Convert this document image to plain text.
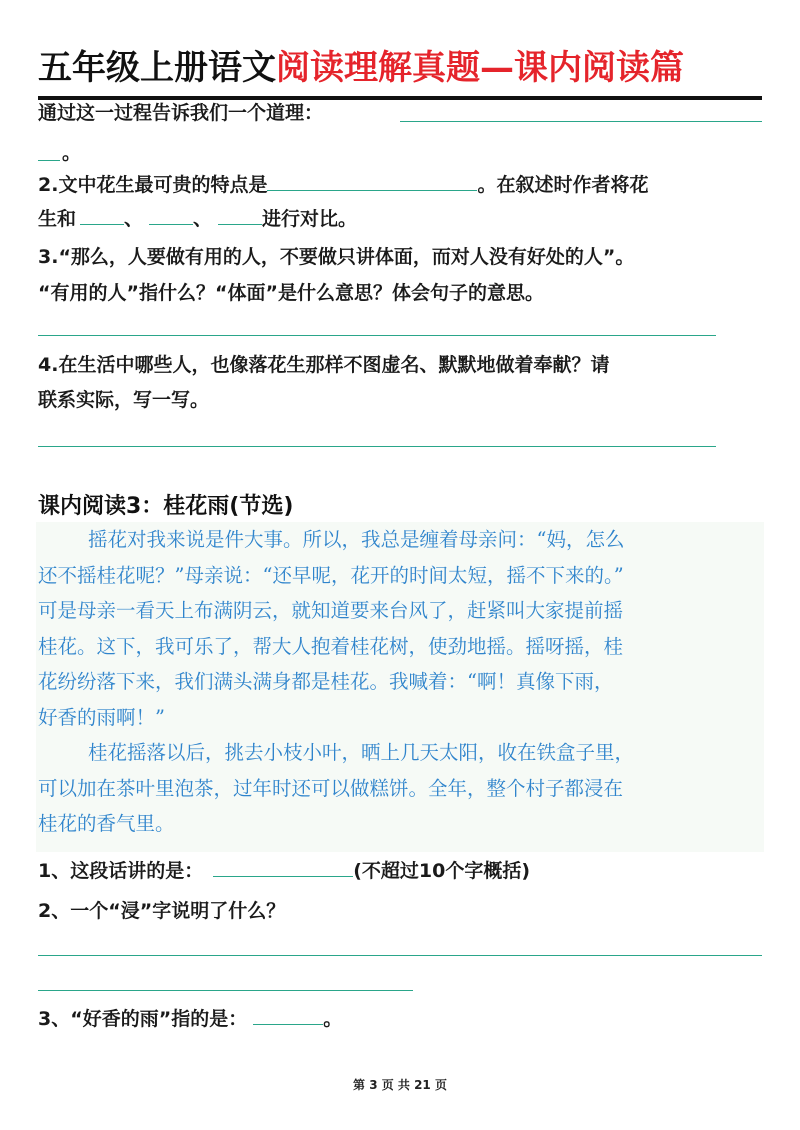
五年级上册语文阅读理解真题—课内阅读篇
通过这一过程告诉我们一个道理：
。
2.文中花生最可贵的特点是	。在叙述时作者将花
生和	、	、	进行对比。
3.“那么，人要做有用的人，不要做只讲体面，而对人没有好处的人”。
“有用的人”指什么？“体面”是什么意思？体会句子的意思。
4.在生活中哪些人，也像落花生那样不图虚名、默默地做着奉献？请
联系实际，写一写。
课内阅读3：桂花雨(节选)
摇花对我来说是件大事。所以，我总是缠着母亲问：“妈，怎么
还不摇桂花呢？”母亲说：“还早呢，花开的时间太短，摇不下来的。”
可是母亲一看天上布满阴云，就知道要来台风了，赶紧叫大家提前摇
桂花。这下，我可乐了，帮大人抱着桂花树，使劲地摇。摇呀摇，桂
花纷纷落下来，我们满头满身都是桂花。我喊着：“啊！真像下雨，
好香的雨啊！”
桂花摇落以后，挑去小枝小叶，晒上几天太阳，收在铁盒子里，
可以加在茶叶里泡茶，过年时还可以做糕饼。全年，整个村子都浸在
桂花的香气里。
1、这段话讲的是：	(不超过10个字概括)
2、一个“浸”字说明了什么？
3、“好香的雨”指的是：	。
第 3 页 共 21 页
